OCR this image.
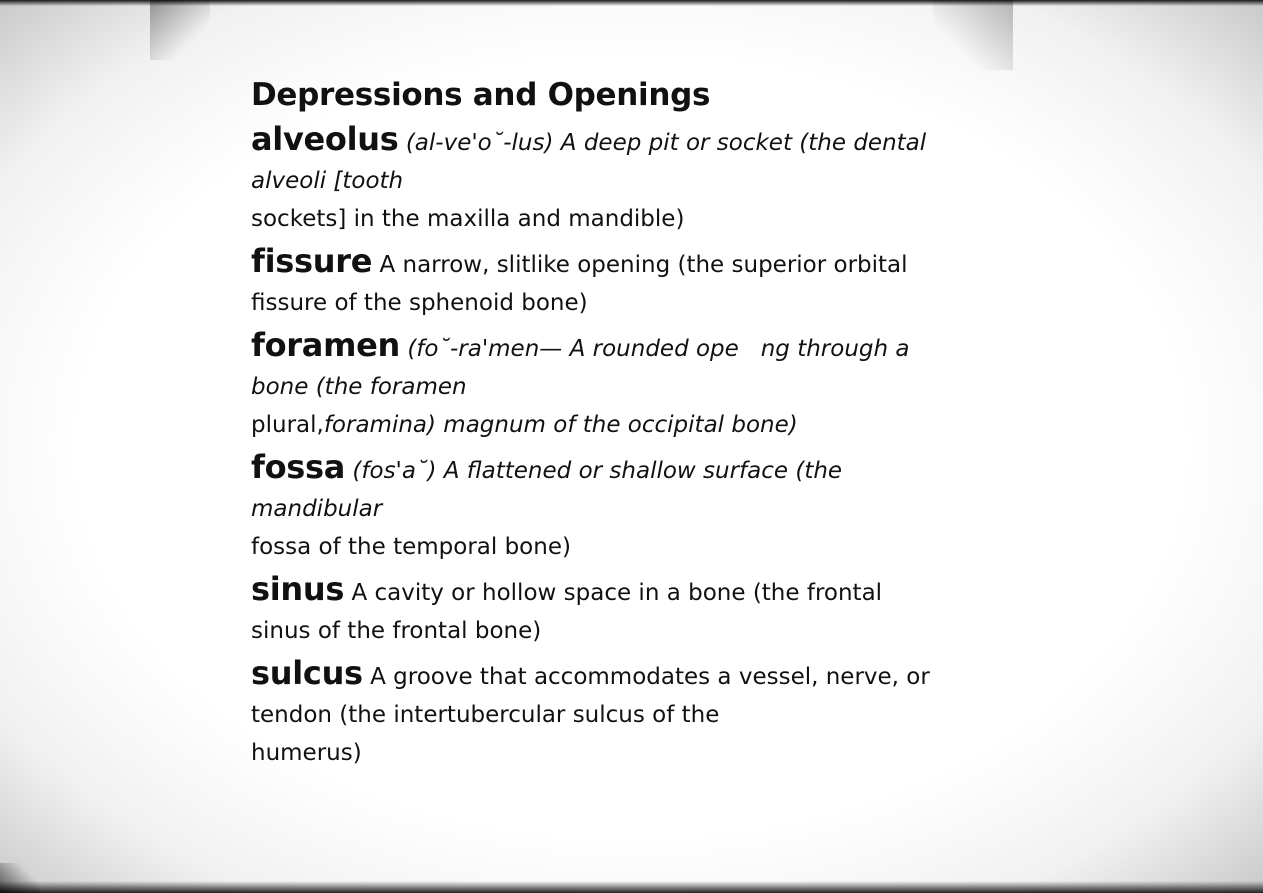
Depressions and Openings
alveolus (al-ve'o˘-lus) A deep pit or socket (the dental
alveoli [tooth
sockets] in the maxilla and mandible)
fissure A narrow, slitlike opening (the superior orbital
fissure of the sphenoid bone)
foramen (fo˘-ra'men— A rounded ope   ng through a
bone (the foramen
plural,foramina) magnum of the occipital bone)
fossa (fos'a˘) A flattened or shallow surface (the
mandibular
fossa of the temporal bone)
sinus A cavity or hollow space in a bone (the frontal
sinus of the frontal bone)
sulcus A groove that accommodates a vessel, nerve, or
tendon (the intertubercular sulcus of the
humerus)
